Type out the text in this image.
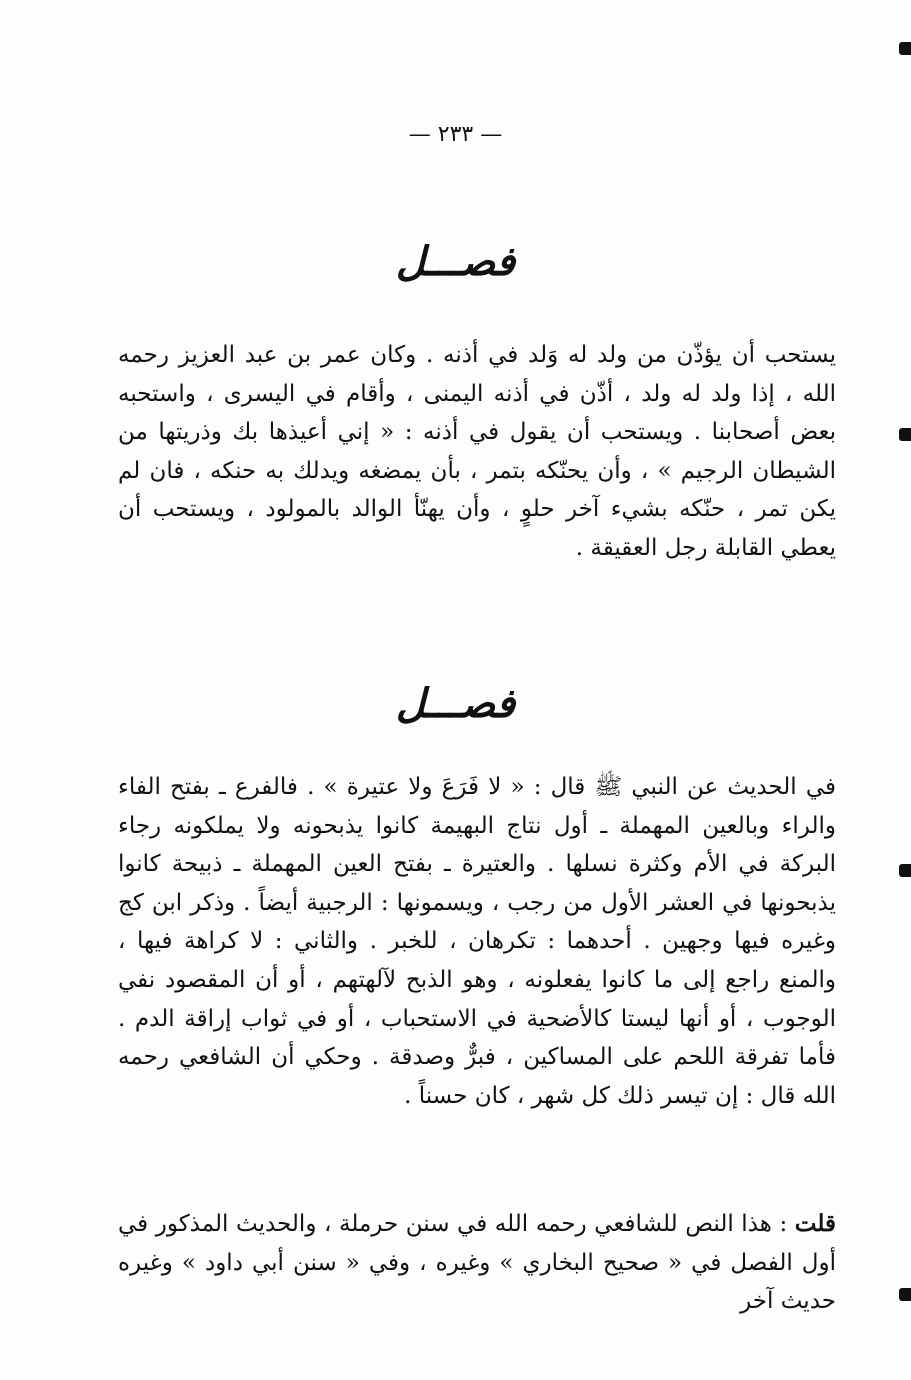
— ٢٣٣ —
فصـــل
يستحب أن يؤذّن من ولد له وَلد في أذنه . وكان عمر بن عبد العزيز رحمه الله ، إذا ولد له ولد ، أذّن في أذنه اليمنى ، وأقام في اليسرى ، واستحبه بعض أصحابنا . ويستحب أن يقول في أذنه : « إني أعيذها بك وذريتها من الشيطان الرجيم » ، وأن يحنّكه بتمر ، بأن يمضغه ويدلك به حنكه ، فان لم يكن تمر ، حنّكه بشيء آخر حلوٍ ، وأن يهنّأ الوالد بالمولود ، ويستحب أن يعطي القابلة رجل العقيقة .
فصـــل
في الحديث عن النبي ﷺ قال : « لا فَرَعَ ولا عتيرة » . فالفرع ـ بفتح الفاء والراء وبالعين المهملة ـ أول نتاج البهيمة كانوا يذبحونه ولا يملكونه رجاء البركة في الأم وكثرة نسلها . والعتيرة ـ بفتح العين المهملة ـ ذبيحة كانوا يذبحونها في العشر الأول من رجب ، ويسمونها : الرجبية أيضاً . وذكر ابن كج وغيره فيها وجهين . أحدهما : تكرهان ، للخبر . والثاني : لا كراهة فيها ، والمنع راجع إلى ما كانوا يفعلونه ، وهو الذبح لآلهتهم ، أو أن المقصود نفي الوجوب ، أو أنها ليستا كالأضحية في الاستحباب ، أو في ثواب إراقة الدم . فأما تفرقة اللحم على المساكين ، فبرٌّ وصدقة . وحكي أن الشافعي رحمه الله قال : إن تيسر ذلك كل شهر ، كان حسناً .
قلت : هذا النص للشافعي رحمه الله في سنن حرملة ، والحديث المذكور في أول الفصل في « صحيح البخاري » وغيره ، وفي « سنن أبي داود » وغيره حديث آخر
